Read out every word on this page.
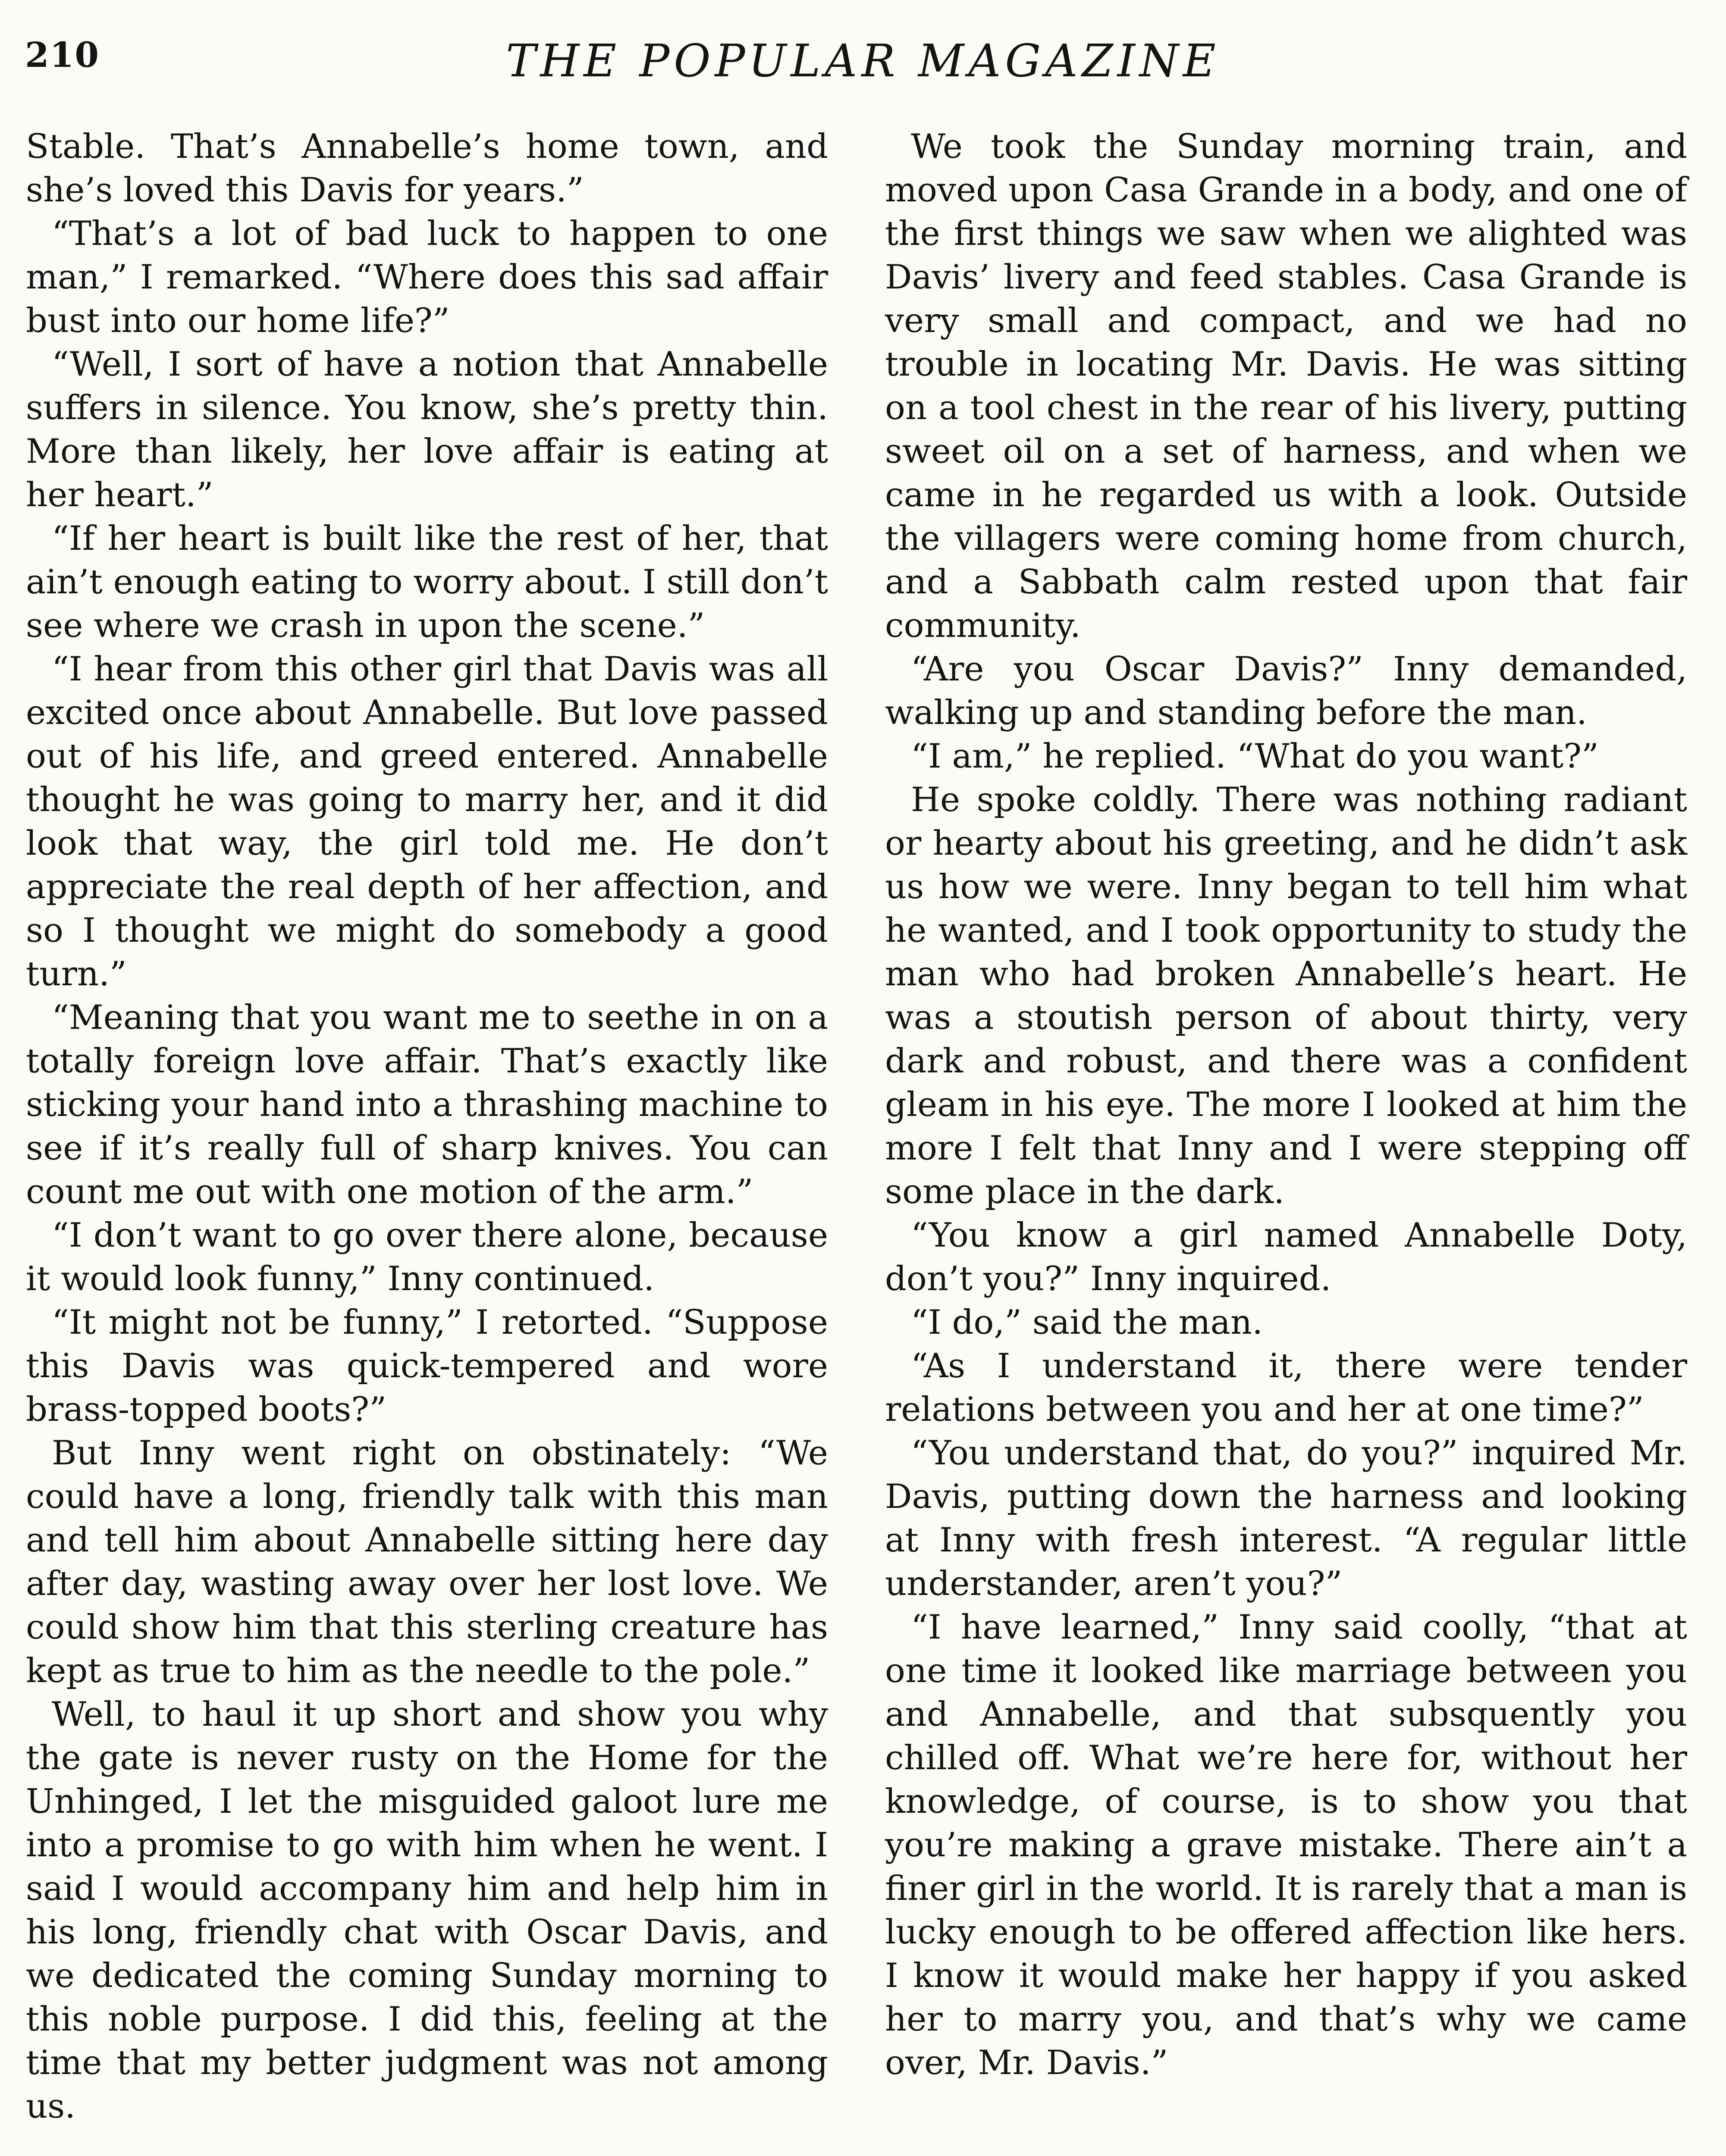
210	THE POPULAR MAGAZINE

Stable. That’s Annabelle’s home town, and she’s loved this Davis for years.”

“That’s a lot of bad luck to happen to one man,” I remarked. “Where does this sad affair bust into our home life?”

“Well, I sort of have a notion that Annabelle suffers in silence. You know, she’s pretty thin. More than likely, her love affair is eating at her heart.”

“If her heart is built like the rest of her, that ain’t enough eating to worry about. I still don’t see where we crash in upon the scene.”

“I hear from this other girl that Davis was all excited once about Annabelle. But love passed out of his life, and greed entered. Annabelle thought he was going to marry her, and it did look that way, the girl told me. He don’t appreciate the real depth of her affection, and so I thought we might do somebody a good turn.”

“Meaning that you want me to seethe in on a totally foreign love affair. That’s exactly like sticking your hand into a thrashing machine to see if it’s really full of sharp knives. You can count me out with one motion of the arm.”

“I don’t want to go over there alone, because it would look funny,” Inny continued.

“It might not be funny,” I retorted. “Suppose this Davis was quick-tempered and wore brass-topped boots?”

But Inny went right on obstinately: “We could have a long, friendly talk with this man and tell him about Annabelle sitting here day after day, wasting away over her lost love. We could show him that this sterling creature has kept as true to him as the needle to the pole.”

Well, to haul it up short and show you why the gate is never rusty on the Home for the Unhinged, I let the misguided galoot lure me into a promise to go with him when he went. I said I would accompany him and help him in his long, friendly chat with Oscar Davis, and we dedicated the coming Sunday morning to this noble purpose. I did this, feeling at the time that my better judgment was not among us.

We took the Sunday morning train, and moved upon Casa Grande in a body, and one of the first things we saw when we alighted was Davis’ livery and feed stables. Casa Grande is very small and compact, and we had no trouble in locating Mr. Davis. He was sitting on a tool chest in the rear of his livery, putting sweet oil on a set of harness, and when we came in he regarded us with a look. Outside the villagers were coming home from church, and a Sabbath calm rested upon that fair community.

“Are you Oscar Davis?” Inny demanded, walking up and standing before the man.

“I am,” he replied. “What do you want?”

He spoke coldly. There was nothing radiant or hearty about his greeting, and he didn’t ask us how we were. Inny began to tell him what he wanted, and I took opportunity to study the man who had broken Annabelle’s heart. He was a stoutish person of about thirty, very dark and robust, and there was a confident gleam in his eye. The more I looked at him the more I felt that Inny and I were stepping off some place in the dark.

“You know a girl named Annabelle Doty, don’t you?” Inny inquired.

“I do,” said the man.

“As I understand it, there were tender relations between you and her at one time?”

“You understand that, do you?” inquired Mr. Davis, putting down the harness and looking at Inny with fresh interest. “A regular little understander, aren’t you?”

“I have learned,” Inny said coolly, “that at one time it looked like marriage between you and Annabelle, and that subsquently you chilled off. What we’re here for, without her knowledge, of course, is to show you that you’re making a grave mistake. There ain’t a finer girl in the world. It is rarely that a man is lucky enough to be offered affection like hers. I know it would make her happy if you asked her to marry you, and that’s why we came over, Mr. Davis.”
